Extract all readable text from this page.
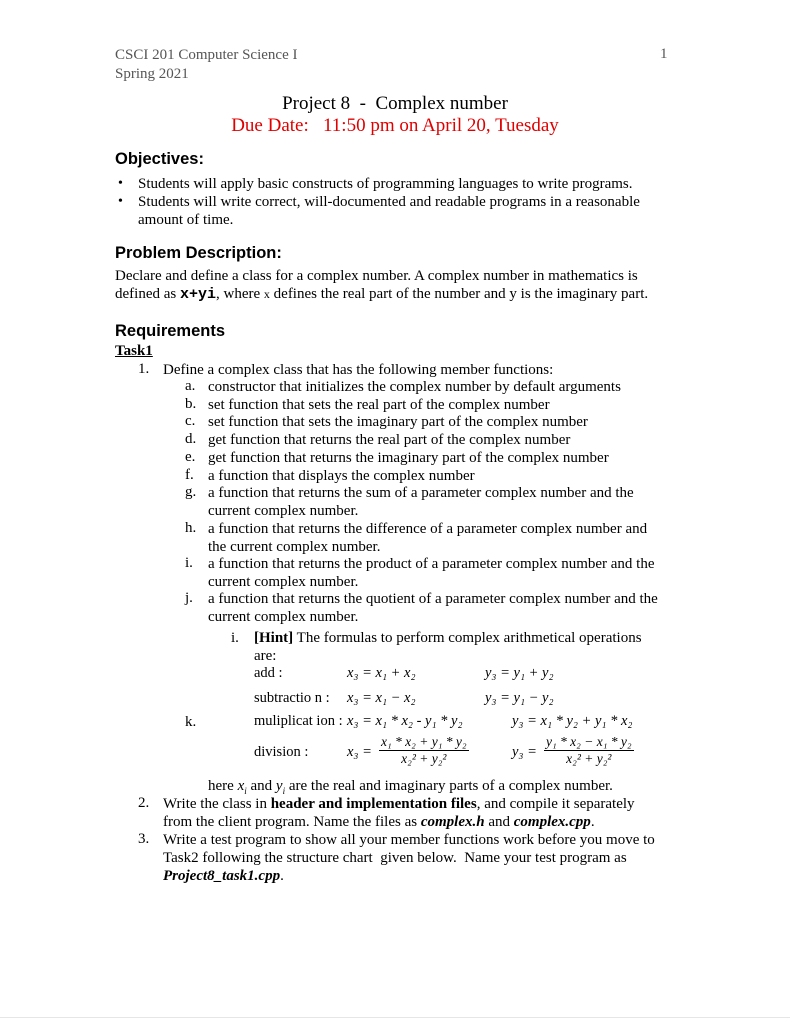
CSCI 201 Computer Science I
Spring 2021
1
Project 8  -  Complex number
Due Date:   11:50 pm on April 20, Tuesday
Objectives:
• Students will apply basic constructs of programming languages to write programs.
• Students will write correct, will-documented and readable programs in a reasonable
amount of time.
Problem Description:
Declare and define a class for a complex number. A complex number in mathematics is
defined as x+yi, where x defines the real part of the number and y is the imaginary part.
Requirements
Task1
1. Define a complex class that has the following member functions:
a. constructor that initializes the complex number by default arguments
b. set function that sets the real part of the complex number
c. set function that sets the imaginary part of the complex number
d. get function that returns the real part of the complex number
e. get function that returns the imaginary part of the complex number
f. a function that displays the complex number
g. a function that returns the sum of a parameter complex number and the
current complex number.
h. a function that returns the difference of a parameter complex number and
the current complex number.
i. a function that returns the product of a parameter complex number and the
current complex number.
j. a function that returns the quotient of a parameter complex number and the
current complex number.
i. [Hint] The formulas to perform complex arithmetical operations
are:
add :	x₃ = x₁ + x₂	y₃ = y₁ + y₂
subtractio n : x₃ = x₁ − x₂	y₃ = y₁ − y₂
k.	muliplicat ion : x₃ = x₁ * x₂ - y₁ * y₂	y₃ = x₁ * y₂ + y₁ * x₂
division :	$x_3 = \frac{\text{x₁ * x₂ + y₁ * y₂}}{\text{x₂² + y₂²}}$	$y_3 = \frac{\text{y₁ * x₂ − x₁ * y₂}}{\text{x₂² + y₂²}}$
here $x_i$ and $y_i$ are the real and imaginary parts of a complex number.
2. Write the class in header and implementation files, and compile it separately
from the client program. Name the files as complex.h and complex.cpp.
3. Write a test program to show all your member functions work before you move to
Task2 following the structure chart  given below.  Name your test program as
Project8_task1.cpp.
